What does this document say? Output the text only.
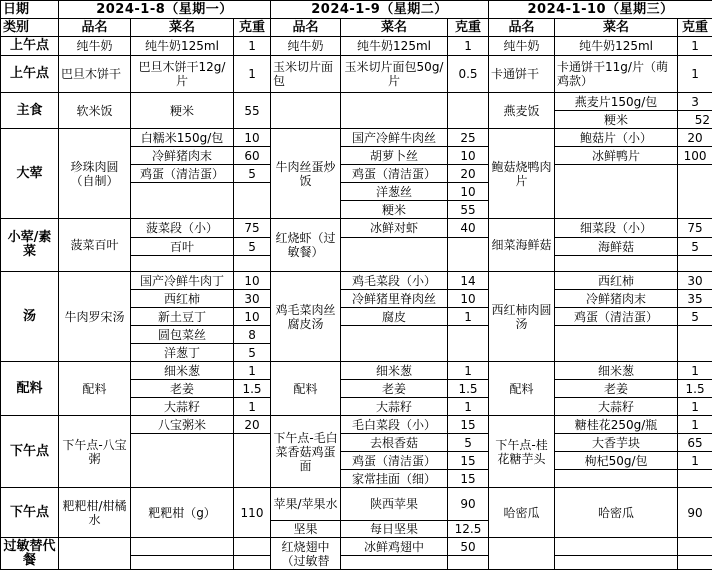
日期	2024-1-8（星期一）			2024-1-9（星期二）			2024-1-10（星期三）		
类别	品名	菜名	克重	品名	菜名	克重	品名	菜名	克重
上午点	纯牛奶	纯牛奶125ml	1	纯牛奶	纯牛奶125ml	1	纯牛奶	纯牛奶125ml	1
上午点	巴旦木饼干	巴旦木饼干12g/片	1	玉米切片面包	玉米切片面包50g/片	0.5	卡通饼干	卡通饼干11g/片（萌鸡款）	1
主食	软米饭	粳米	55				燕麦饭	燕麦片150g/包	3
								粳米	52
大荤	珍珠肉圆（自制）	白糯米150g/包	10	牛肉丝蛋炒饭	国产冷鲜牛肉丝	25	鲍菇烧鸭肉片	鲍菇片（小）	20
		冷鲜猪肉末	60		胡萝卜丝	10		冰鲜鸭片	100
		鸡蛋（清洁蛋）	5		鸡蛋（清洁蛋）	20			
					洋葱丝	10			
					粳米	55			
小荤/素菜	菠菜百叶	菠菜段（小）	75	红烧虾（过敏餐）	冰鲜对虾	40	细菜海鲜菇	细菜段（小）	75
		百叶	5					海鲜菇	5

汤	牛肉罗宋汤	国产冷鲜牛肉丁	10	鸡毛菜肉丝腐皮汤	鸡毛菜段（小）	14	西红柿肉圆汤	西红柿	30
		西红柿	30		冷鲜猪里脊肉丝	10		冷鲜猪肉末	35
		新土豆丁	10		腐皮	1		鸡蛋（清洁蛋）	5
		圆包菜丝	8						
		洋葱丁	5						
配料	配料	细米葱	1	配料	细米葱	1	配料	细米葱	1
		老姜	1.5		老姜	1.5		老姜	1.5
		大蒜籽	1		大蒜籽	1		大蒜籽	1
下午点	下午点-八宝粥	八宝粥米	20	下午点-毛白菜香菇鸡蛋面	毛白菜段（小）	15	下午点-桂花糖芋头	糖桂花250g/瓶	1
					去根香菇	5		大香芋块	65
					鸡蛋（清洁蛋）	15		枸杞50g/包	1
					家常挂面（细）	15			
下午点	粑粑柑/柑橘水	粑粑柑（g）	110	苹果/苹果水	陕西苹果	90	哈密瓜	哈密瓜	90
				坚果	每日坚果	12.5			
过敏替代餐				红烧翅中（过敏替	冰鲜鸡翅中	50			
